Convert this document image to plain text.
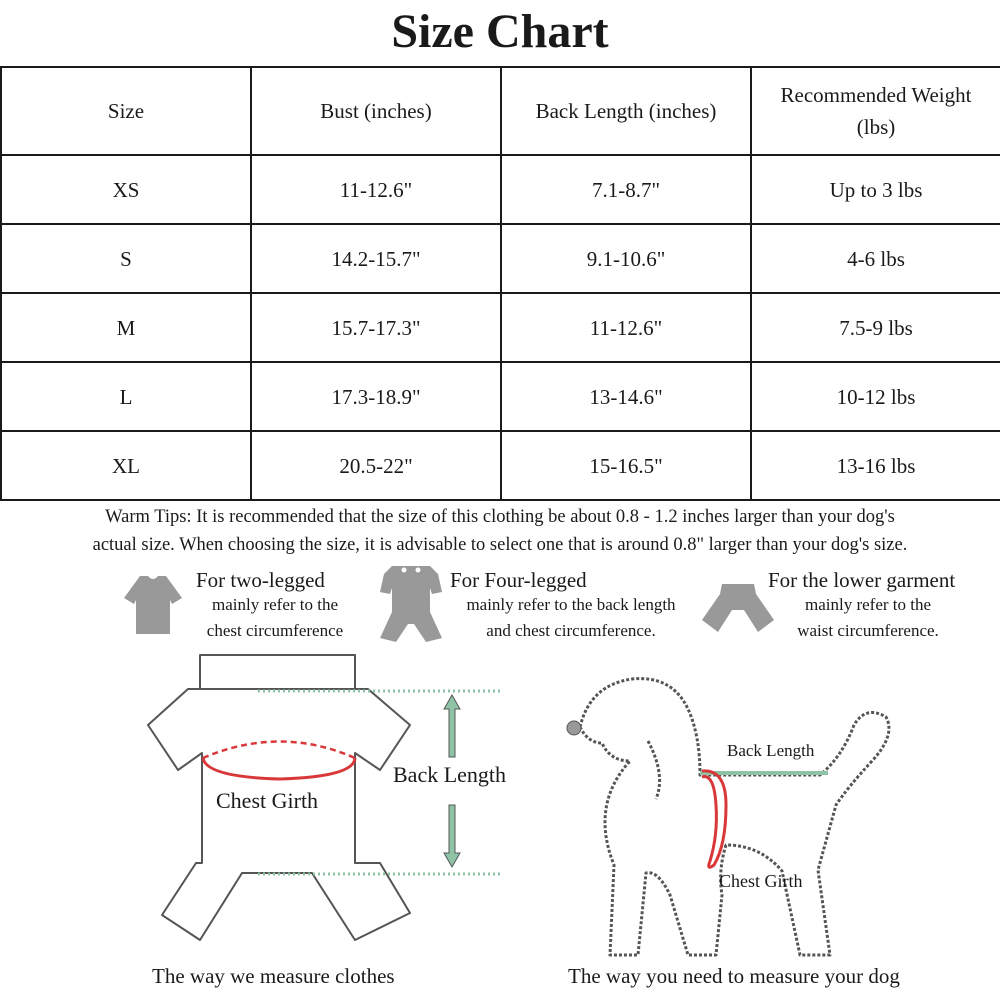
Size Chart
Size	Bust (inches)	Back Length (inches)	Recommended Weight (lbs)
XS	11-12.6"	7.1-8.7"	Up to 3 lbs
S	14.2-15.7"	9.1-10.6"	4-6 lbs
M	15.7-17.3"	11-12.6"	7.5-9 lbs
L	17.3-18.9"	13-14.6"	10-12 lbs
XL	20.5-22"	15-16.5"	13-16 lbs
Warm Tips: It is recommended that the size of this clothing be about 0.8 - 1.2 inches larger than your dog's
actual size. When choosing the size, it is advisable to select one that is around 0.8" larger than your dog's size.
For two-legged
mainly refer to the
chest circumference
For Four-legged
mainly refer to the back length
and chest circumference.
For the lower garment
mainly refer to the
waist circumference.
Back Length
Chest Girth
Back Length
Chest Girth
The way we measure clothes	The way you need to measure your dog
